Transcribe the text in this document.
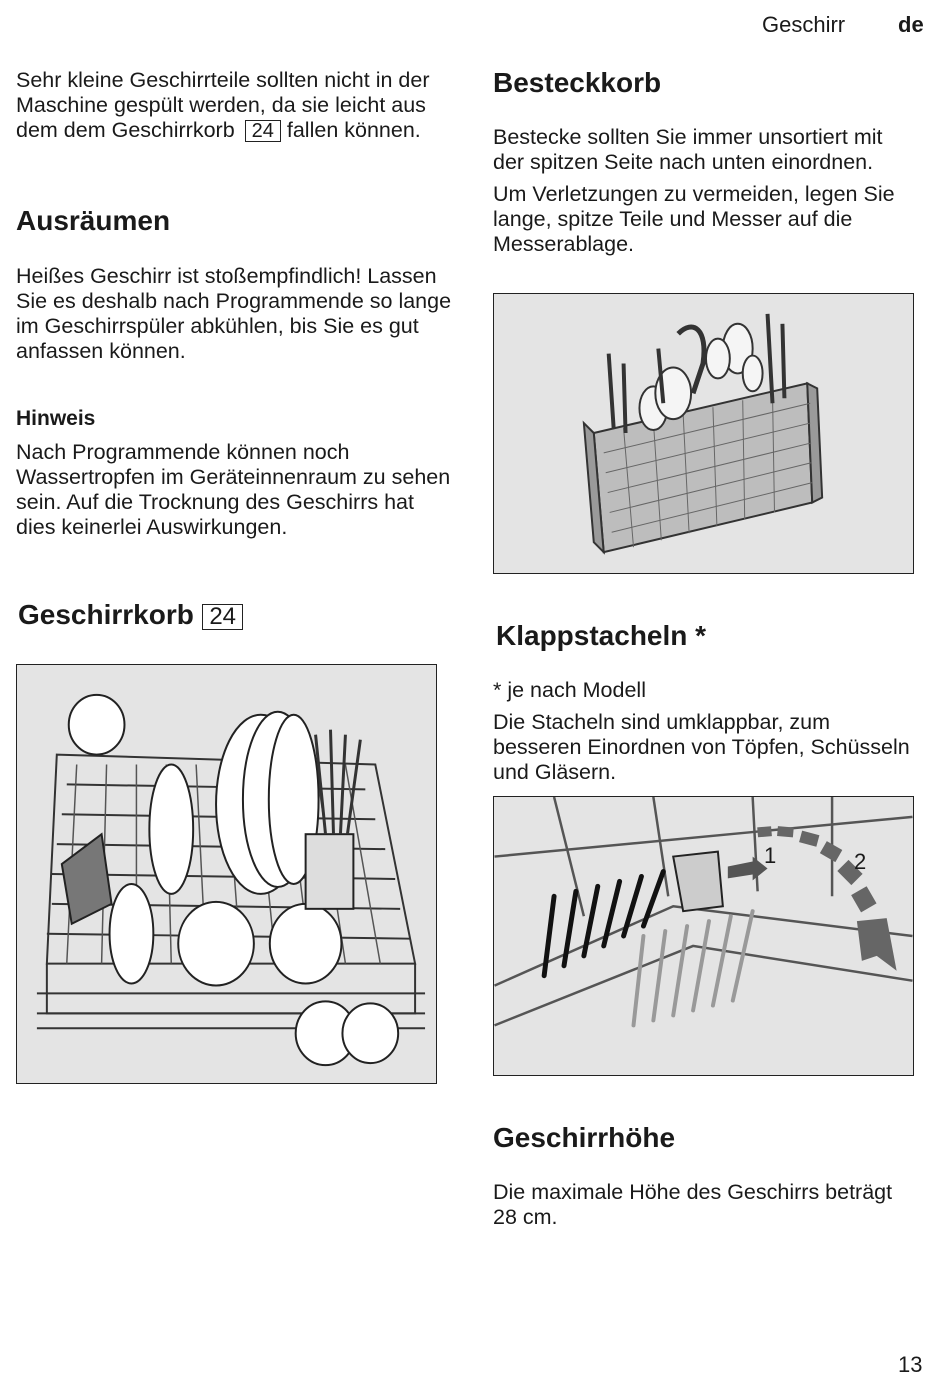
Geschirr de

Sehr kleine Geschirrteile sollten nicht in der Maschine gespült werden, da sie leicht aus dem dem Geschirrkorb 24 fallen können.

Ausräumen

Heißes Geschirr ist stoßempfindlich! Lassen Sie es deshalb nach Programmende so lange im Geschirrspüler abkühlen, bis Sie es gut anfassen können.

Hinweis

Nach Programmende können noch Wassertropfen im Geräteinnenraum zu sehen sein. Auf die Trocknung des Geschirrs hat dies keinerlei Auswirkungen.

Geschirrkorb 24
Besteckkorb

Bestecke sollten Sie immer unsortiert mit der spitzen Seite nach unten einordnen.

Um Verletzungen zu vermeiden, legen Sie lange, spitze Teile und Messer auf die Messerablage.

Klappstacheln *

* je nach Modell

Die Stacheln sind umklappbar, zum besseren Einordnen von Töpfen, Schüsseln und Gläsern.

1	2
Geschirrhöhe

Die maximale Höhe des Geschirrs beträgt 28 cm.

13
